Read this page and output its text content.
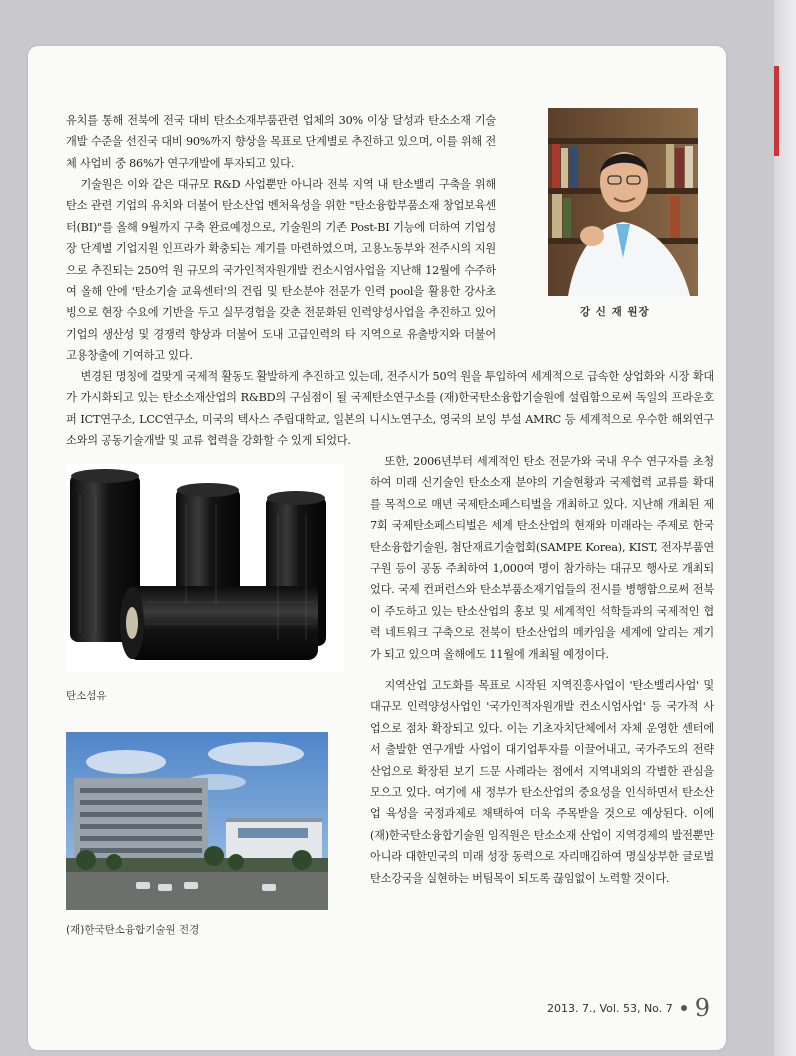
유치를 통해 전북에 전국 대비 탄소소재부품관련 업체의 30% 이상 달성과 탄소소재 기술개발 수준을 선진국 대비 90%까지 향상을 목표로 단계별로 추진하고 있으며, 이를 위해 전체 사업비 중 86%가 연구개발에 투자되고 있다.

기술원은 이와 같은 대규모 R&D 사업뿐만 아니라 전북 지역 내 탄소밸리 구축을 위해 탄소 관련 기업의 유치와 더불어 탄소산업 벤처육성을 위한 "탄소융합부품소재 창업보육센터(BI)"를 올해 9월까지 구축 완료예정으로, 기술원의 기존 Post-BI 기능에 더하여 기업성장 단계별 기업지원 인프라가 확충되는 계기를 마련하였으며, 고용노동부와 전주시의 지원으로 추진되는 250억 원 규모의 국가인적자원개발 컨소시엄사업을 지난해 12월에 수주하여 올해 안에 '탄소기술 교육센터'의 건립 및 탄소분야 전문가 인력 pool을 활용한 강사초빙으로 현장 수요에 기반을 두고 실무경험을 갖춘 전문화된 인력양성사업을 추진하고 있어 기업의 생산성 및 경쟁력 향상과 더불어 도내 고급인력의 타 지역으로 유출방지와 더불어 고용창출에 기여하고 있다.

강 신 재 원장

변경된 명칭에 걸맞게 국제적 활동도 활발하게 추진하고 있는데, 전주시가 50억 원을 투입하여 세계적으로 급속한 상업화와 시장 확대가 가시화되고 있는 탄소소재산업의 R&BD의 구심점이 될 국제탄소연구소를 (재)한국탄소융합기술원에 설립함으로써 독일의 프라운호퍼 ICT연구소, LCC연구소, 미국의 텍사스 주립대학교, 일본의 니시노연구소, 영국의 보잉 부설 AMRC 등 세계적으로 우수한 해외연구소와의 공동기술개발 및 교류 협력을 강화할 수 있게 되었다.

또한, 2006년부터 세계적인 탄소 전문가와 국내 우수 연구자를 초청하여 미래 신기술인 탄소소재 분야의 기술현황과 국제협력 교류를 확대를 목적으로 매년 국제탄소페스티벌을 개최하고 있다. 지난해 개최된 제7회 국제탄소페스티벌은 세계 탄소산업의 현재와 미래라는 주제로 한국탄소융합기술원, 첨단재료기술협회(SAMPE Korea), KIST, 전자부품연구원 등이 공동 주최하여 1,000여 명이 참가하는 대규모 행사로 개최되었다. 국제 컨퍼런스와 탄소부품소재기업들의 전시를 병행함으로써 전북이 주도하고 있는 탄소산업의 홍보 및 세계적인 석학들과의 국제적인 협력 네트워크 구축으로 전북이 탄소산업의 메카임을 세계에 알리는 계기가 되고 있으며 올해에도 11월에 개최될 예정이다.

탄소섬유

지역산업 고도화를 목표로 시작된 지역진흥사업이 '탄소밸리사업' 및 대규모 인력양성사업인 '국가인적자원개발 컨소시엄사업' 등 국가적 사업으로 점차 확장되고 있다. 이는 기초자치단체에서 자체 운영한 센터에서 출발한 연구개발 사업이 대기업투자를 이끌어내고, 국가주도의 전략산업으로 확장된 보기 드문 사례라는 점에서 지역내외의 각별한 관심을 모으고 있다. 여기에 새 정부가 탄소산업의 중요성을 인식하면서 탄소산업 육성을 국정과제로 채택하여 더욱 주목받을 것으로 예상된다. 이에 (재)한국탄소융합기술원 임직원은 탄소소재 산업이 지역경제의 발전뿐만 아니라 대한민국의 미래 성장 동력으로 자리매김하여 명실상부한 글로벌 탄소강국을 실현하는 버팀목이 되도록 끊임없이 노력할 것이다.

(재)한국탄소융합기술원 전경
2013. 7., Vol. 53, No. 7 9
